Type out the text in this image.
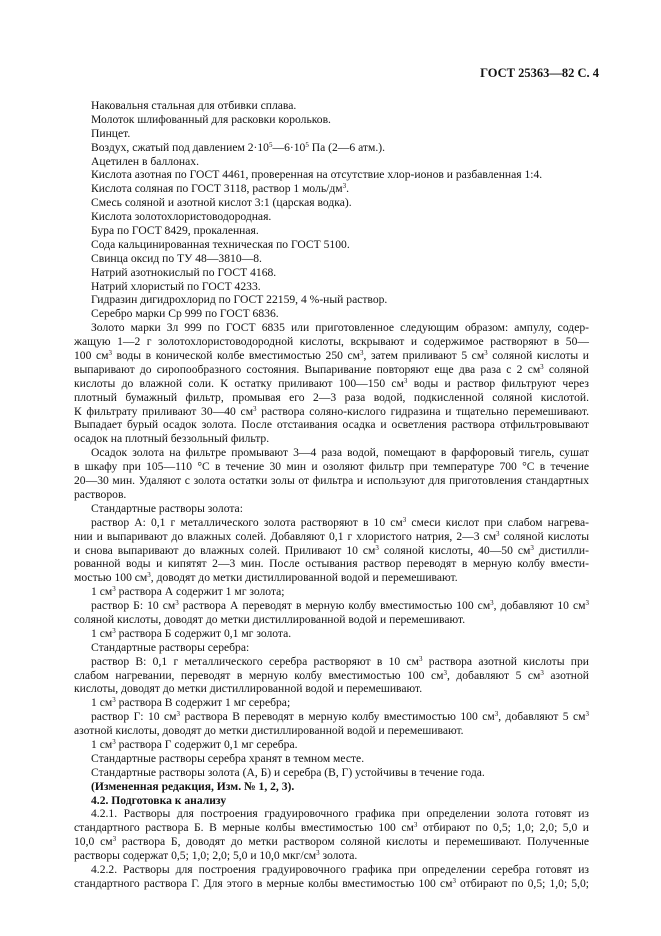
ГОСТ 25363—82 С. 4
Наковальня стальная для отбивки сплава.
Молоток шлифованный для расковки корольков.
Пинцет.
Воздух, сжатый под давлением $2\cdot 10^5—6\cdot 10^5$ Па (2—6 атм.).
Ацетилен в баллонах.
Кислота азотная по ГОСТ 4461, проверенная на отсутствие хлор-ионов и разбавленная 1:4.
Кислота соляная по ГОСТ 3118, раствор 1 моль/$дм^3$.
Смесь соляной и азотной кислот 3:1 (царская водка).
Кислота золотохлористоводородная.
Бура по ГОСТ 8429, прокаленная.
Сода кальцинированная техническая по ГОСТ 5100.
Свинца оксид по ТУ 48—3810—8.
Натрий азотнокислый по ГОСТ 4168.
Натрий хлористый по ГОСТ 4233.
Гидразин дигидрохлорид по ГОСТ 22159, 4 %-ный раствор.
Серебро марки Ср 999 по ГОСТ 6836.
Золото марки Зл 999 по ГОСТ 6835 или приготовленное следующим образом: ампулу, содер-
жащую 1—2 г золотохлористоводородной кислоты, вскрывают и содержимое растворяют в 50—
100 $см^3$ воды в конической колбе вместимостью 250 $см^3$, затем приливают 5 $см^3$ соляной кислоты и
выпаривают до сиропообразного состояния. Выпаривание повторяют еще два раза с 2 $см^3$ соляной
кислоты до влажной соли. К остатку приливают 100—150 $см^3$ воды и раствор фильтруют через
плотный бумажный фильтр, промывая его 2—3 раза водой, подкисленной соляной кислотой.
К фильтрату приливают 30—40 $см^3$ раствора соляно-кислого гидразина и тщательно перемешивают.
Выпадает бурый осадок золота. После отстаивания осадка и осветления раствора отфильтровывают
осадок на плотный беззольный фильтр.
Осадок золота на фильтре промывают 3—4 раза водой, помещают в фарфоровый тигель, сушат
в шкафу при 105—110 °С в течение 30 мин и озоляют фильтр при температуре 700 °С в течение
20—30 мин. Удаляют с золота остатки золы от фильтра и используют для приготовления стандартных
растворов.
Стандартные растворы золота:
раствор А: 0,1 г металлического золота растворяют в 10 $см^3$ смеси кислот при слабом нагрева-
нии и выпаривают до влажных солей. Добавляют 0,1 г хлористого натрия, 2—3 $см^3$ соляной кислоты
и снова выпаривают до влажных солей. Приливают 10 $см^3$ соляной кислоты, 40—50 $см^3$ дистилли-
рованной воды и кипятят 2—3 мин. После остывания раствор переводят в мерную колбу вмести-
мостью 100 $см^3$, доводят до метки дистиллированной водой и перемешивают.
1 $см^3$ раствора А содержит 1 мг золота;
раствор Б: 10 $см^3$ раствора А переводят в мерную колбу вместимостью 100 $см^3$, добавляют 10 $см^3$
соляной кислоты, доводят до метки дистиллированной водой и перемешивают.
1 $см^3$ раствора Б содержит 0,1 мг золота.
Стандартные растворы серебра:
раствор В: 0,1 г металлического серебра растворяют в 10 $см^3$ раствора азотной кислоты при
слабом нагревании, переводят в мерную колбу вместимостью 100 $см^3$, добавляют 5 $см^3$ азотной
кислоты, доводят до метки дистиллированной водой и перемешивают.
1 $см^3$ раствора В содержит 1 мг серебра;
раствор Г: 10 $см^3$ раствора В переводят в мерную колбу вместимостью 100 $см^3$, добавляют 5 $см^3$
азотной кислоты, доводят до метки дистиллированной водой и перемешивают.
1 $см^3$ раствора Г содержит 0,1 мг серебра.
Стандартные растворы серебра хранят в темном месте.
Стандартные растворы золота (А, Б) и серебра (В, Г) устойчивы в течение года.
(Измененная редакция, Изм. № 1, 2, 3).
4.2. Подготовка к анализу
4.2.1. Растворы для построения градуировочного графика при определении золота готовят из
стандартного раствора Б. В мерные колбы вместимостью 100 $см^3$ отбирают по 0,5; 1,0; 2,0; 5,0 и
10,0 $см^3$ раствора Б, доводят до метки раствором соляной кислоты и перемешивают. Полученные
растворы содержат 0,5; 1,0; 2,0; 5,0 и 10,0 мкг/$см^3$ золота.
4.2.2. Растворы для построения градуировочного графика при определении серебра готовят из
стандартного раствора Г. Для этого в мерные колбы вместимостью 100 $см^3$ отбирают по 0,5; 1,0; 5,0;
